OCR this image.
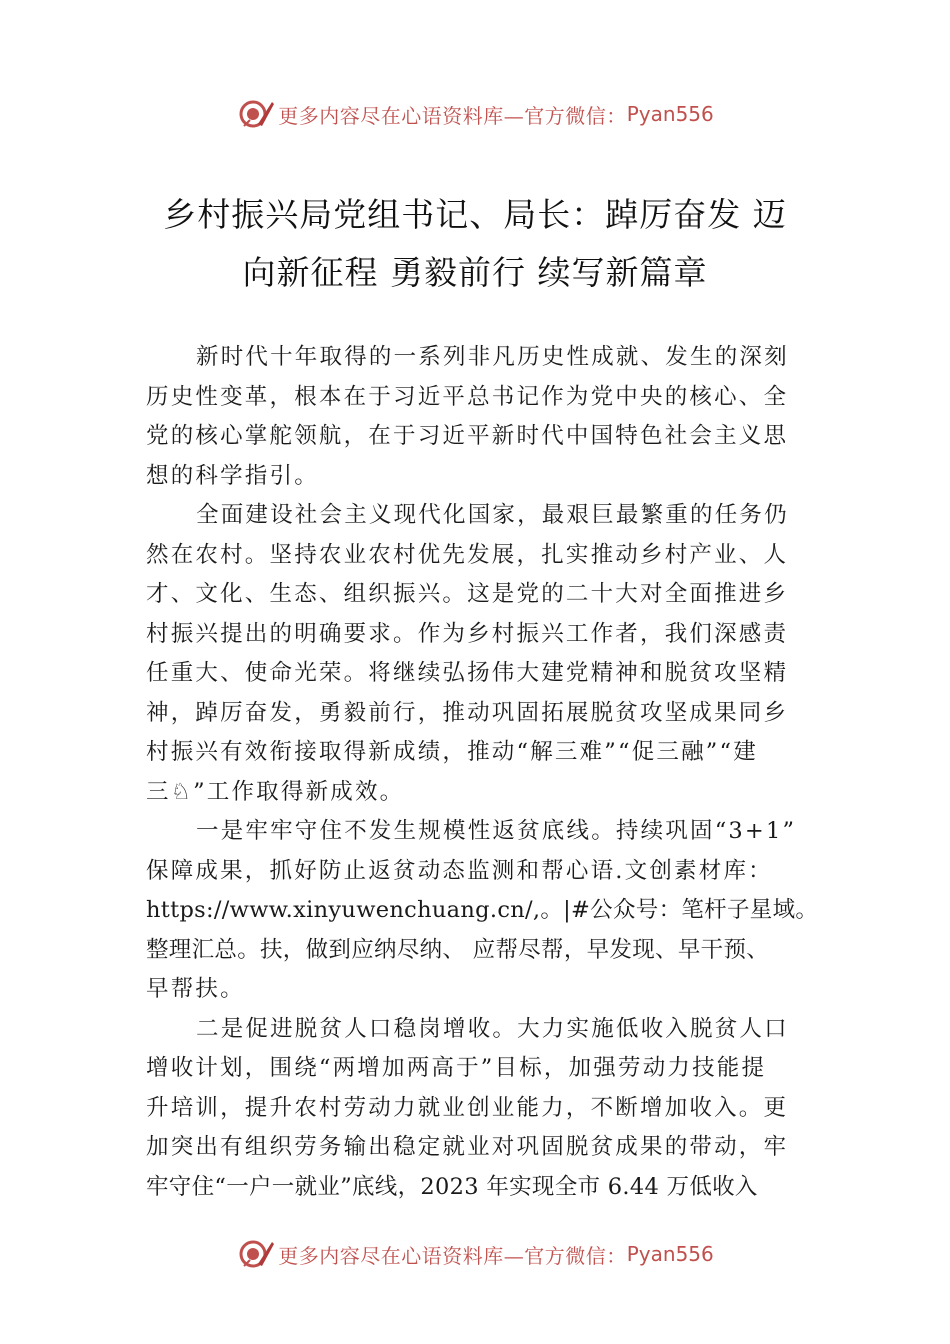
更多内容尽在心语资料库—官方微信： Pyan556
乡村振兴局党组书记、局长：踔厉奋发 迈
向新征程 勇毅前行 续写新篇章
新时代十年取得的一系列非凡历史性成就、发生的深刻
历史性变革，根本在于习近平总书记作为党中央的核心、全
党的核心掌舵领航，在于习近平新时代中国特色社会主义思
想的科学指引。
全面建设社会主义现代化国家，最艰巨最繁重的任务仍
然在农村。坚持农业农村优先发展，扎实推动乡村产业、人
才、文化、生态、组织振兴。这是党的二十大对全面推进乡
村振兴提出的明确要求。作为乡村振兴工作者，我们深感责
任重大、使命光荣。将继续弘扬伟大建党精神和脱贫攻坚精
神，踔厉奋发，勇毅前行，推动巩固拓展脱贫攻坚成果同乡
村振兴有效衔接取得新成绩，推动“解三难”“促三融”“建
三♘”工作取得新成效。
一是牢牢守住不发生规模性返贫底线。持续巩固“3+1”
保障成果，抓好防止返贫动态监测和帮心语.文创素材库：
https://www.xinyuwenchuang.cn/,。|#公众号：笔杆子星域。
整理汇总。扶，做到应纳尽纳、 应帮尽帮，早发现、早干预、
早帮扶。
二是促进脱贫人口稳岗增收。大力实施低收入脱贫人口
增收计划，围绕“两增加两高于”目标，加强劳动力技能提
升培训，提升农村劳动力就业创业能力，不断增加收入。更
加突出有组织劳务输出稳定就业对巩固脱贫成果的带动，牢
牢守住“一户一就业”底线，2023 年实现全市 6.44 万低收入
更多内容尽在心语资料库—官方微信： Pyan556
